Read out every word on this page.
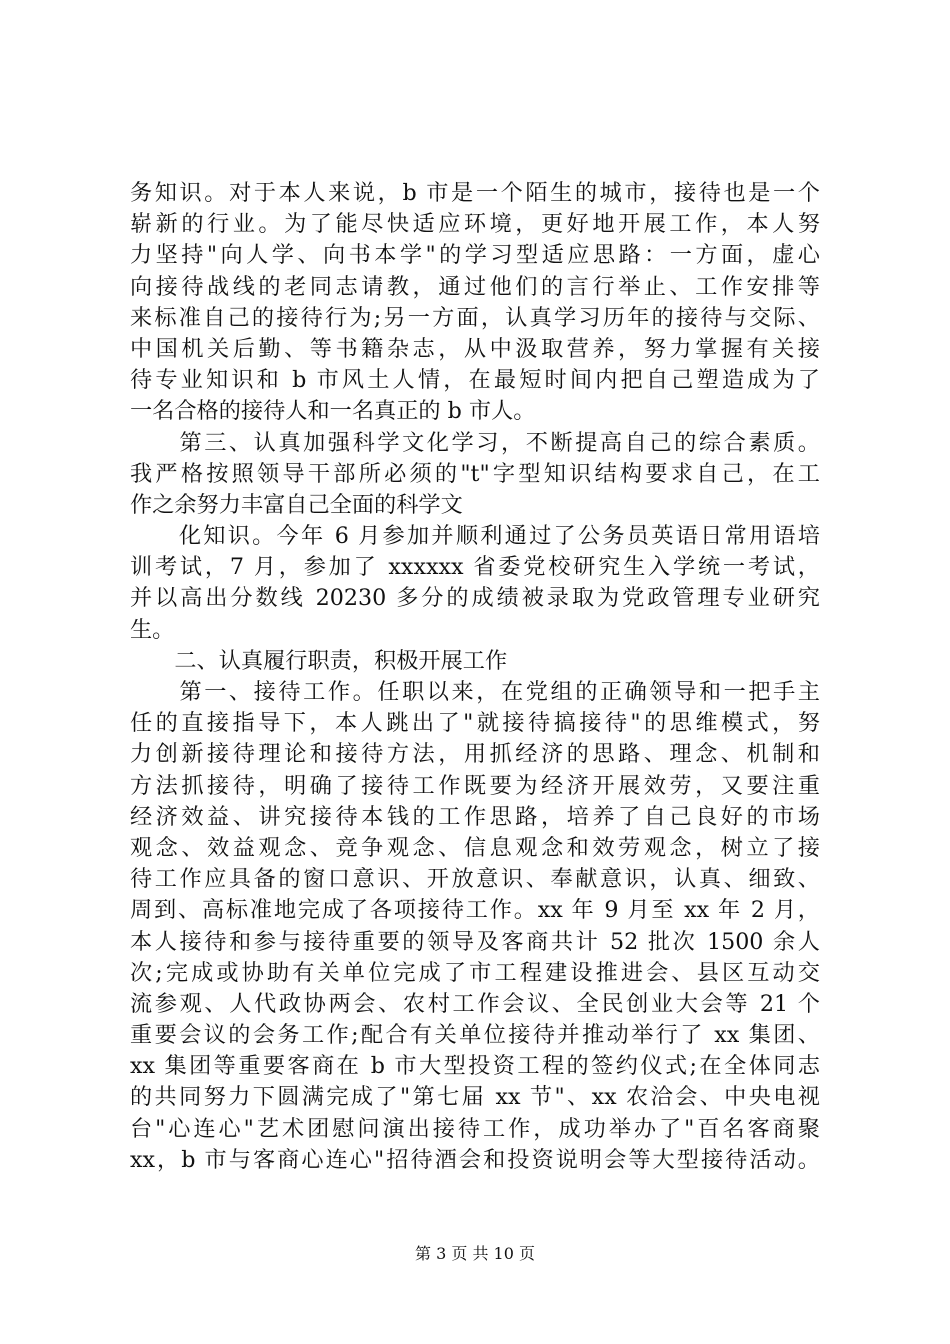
务知识。对于本人来说，b 市是一个陌生的城市，接待也是一个
崭新的行业。为了能尽快适应环境，更好地开展工作，本人努
力坚持"向人学、向书本学"的学习型适应思路：一方面，虚心
向接待战线的老同志请教，通过他们的言行举止、工作安排等
来标准自己的接待行为;另一方面，认真学习历年的接待与交际、
中国机关后勤、等书籍杂志，从中汲取营养，努力掌握有关接
待专业知识和 b 市风土人情，在最短时间内把自己塑造成为了
一名合格的接待人和一名真正的 b 市人。
　　第三、认真加强科学文化学习，不断提高自己的综合素质。
我严格按照领导干部所必须的"t"字型知识结构要求自己，在工
作之余努力丰富自己全面的科学文
　　化知识。今年 6 月参加并顺利通过了公务员英语日常用语培
训考试，7 月，参加了 xxxxxx 省委党校研究生入学统一考试，
并以高出分数线 20230 多分的成绩被录取为党政管理专业研究
生。
　　二、认真履行职责，积极开展工作
　　第一、接待工作。任职以来，在党组的正确领导和一把手主
任的直接指导下，本人跳出了"就接待搞接待"的思维模式，努
力创新接待理论和接待方法，用抓经济的思路、理念、机制和
方法抓接待，明确了接待工作既要为经济开展效劳，又要注重
经济效益、讲究接待本钱的工作思路，培养了自己良好的市场
观念、效益观念、竞争观念、信息观念和效劳观念，树立了接
待工作应具备的窗口意识、开放意识、奉献意识，认真、细致、
周到、高标准地完成了各项接待工作。xx 年 9 月至 xx 年 2 月，
本人接待和参与接待重要的领导及客商共计 52 批次 1500 余人
次;完成或协助有关单位完成了市工程建设推进会、县区互动交
流参观、人代政协两会、农村工作会议、全民创业大会等 21 个
重要会议的会务工作;配合有关单位接待并推动举行了 xx 集团、
xx 集团等重要客商在 b 市大型投资工程的签约仪式;在全体同志
的共同努力下圆满完成了"第七届 xx 节"、xx 农洽会、中央电视
台"心连心"艺术团慰问演出接待工作，成功举办了"百名客商聚
xx，b 市与客商心连心"招待酒会和投资说明会等大型接待活动。
第 3 页 共 10 页
